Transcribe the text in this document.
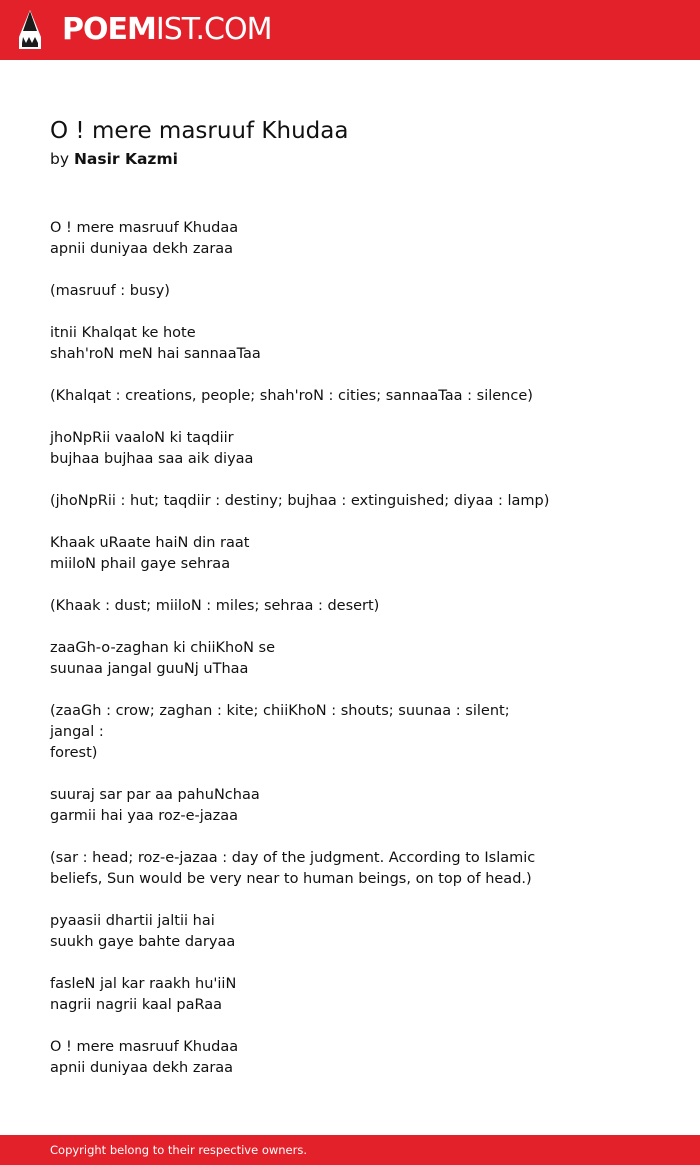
POEMIST.COM
O ! mere masruuf Khudaa
by Nasir Kazmi

O ! mere masruuf Khudaa
apnii duniyaa dekh zaraa

(masruuf : busy)

itnii Khalqat ke hote
shah'roN meN hai sannaaTaa

(Khalqat : creations, people; shah'roN : cities; sannaaTaa : silence)

jhoNpRii vaaloN ki taqdiir
bujhaa bujhaa saa aik diyaa

(jhoNpRii : hut; taqdiir : destiny; bujhaa : extinguished; diyaa : lamp)

Khaak uRaate haiN din raat
miiloN phail gaye sehraa

(Khaak : dust; miiloN : miles; sehraa : desert)

zaaGh-o-zaghan ki chiiKhoN se
suunaa jangal guuNj uThaa

(zaaGh : crow; zaghan : kite; chiiKhoN : shouts; suunaa : silent; jangal :
forest)

suuraj sar par aa pahuNchaa
garmii hai yaa roz-e-jazaa

(sar : head; roz-e-jazaa : day of the judgment. According to Islamic
beliefs, Sun would be very near to human beings, on top of head.)

pyaasii dhartii jaltii hai
suukh gaye bahte daryaa

fasleN jal kar raakh hu'iiN
nagrii nagrii kaal paRaa

O ! mere masruuf Khudaa
apnii duniyaa dekh zaraa

Copyright belong to their respective owners.
